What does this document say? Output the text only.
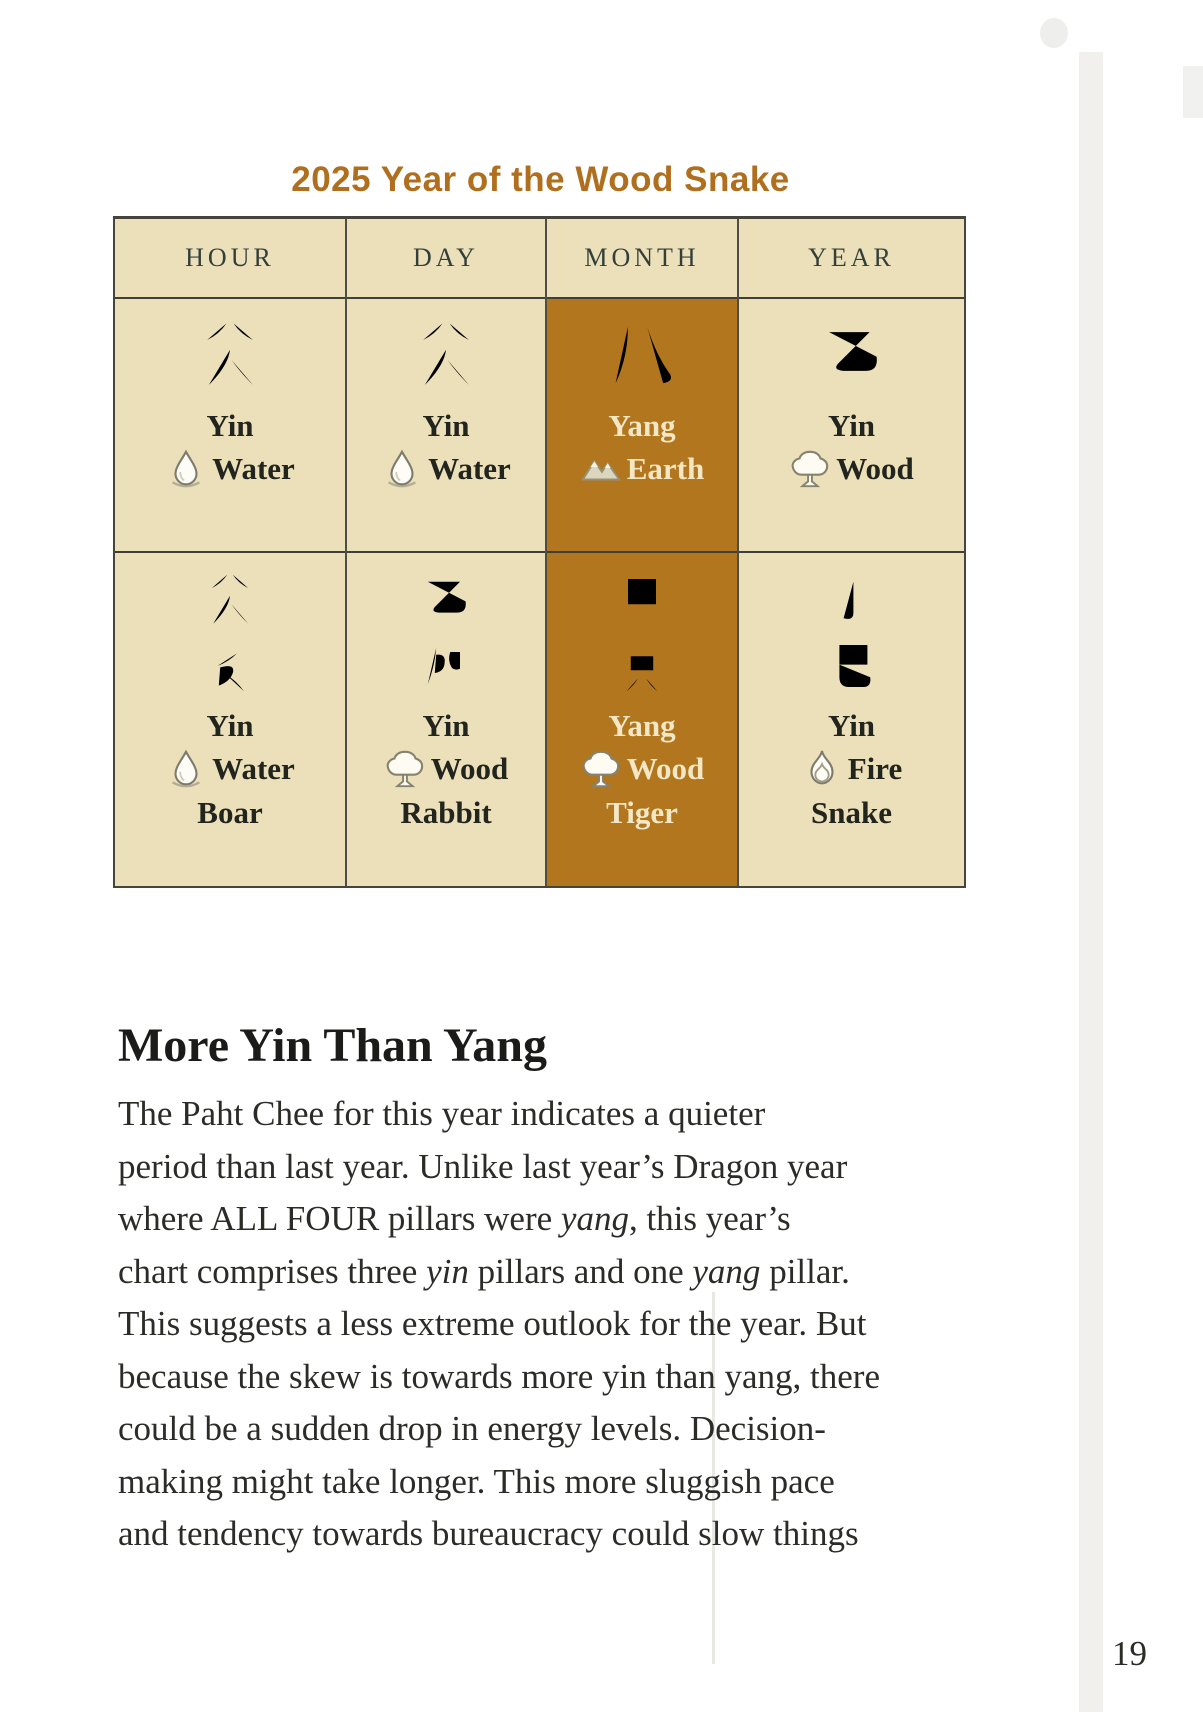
2025 Year of the Wood Snake
HOUR
Yin
Water
Yin
Water
Boar
DAY
Yin
Water
Yin
Wood
Rabbit
MONTH
Yang
Earth
Yang
Wood
Tiger
YEAR
Yin
Wood
Yin
Fire
Snake
More Yin Than Yang
The Paht Chee for this year indicates a quieter
period than last year. Unlike last year’s Dragon year
where ALL FOUR pillars were yang, this year’s
chart comprises three yin pillars and one yang pillar.
This suggests a less extreme outlook for the year. But
because the skew is towards more yin than yang, there
could be a sudden drop in energy levels. Decision-
making might take longer. This more sluggish pace
and tendency towards bureaucracy could slow things
19
